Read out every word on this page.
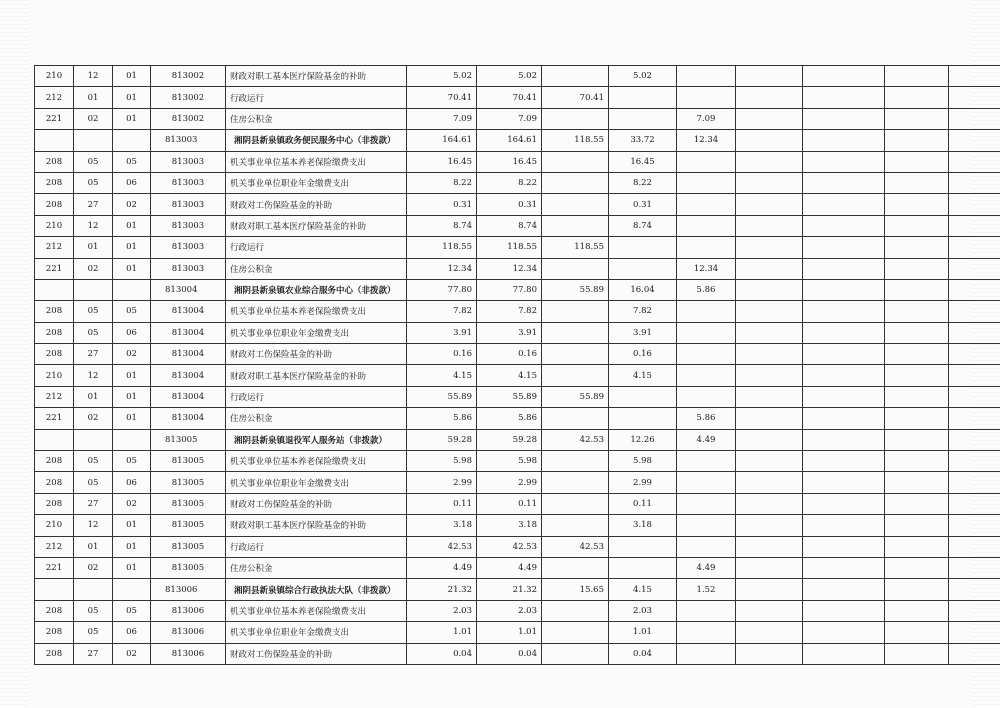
210	12	01	813002	财政对职工基本医疗保险基金的补助	5.02	5.02		5.02					
212	01	01	813002	行政运行	70.41	70.41	70.41						
221	02	01	813002	住房公积金	7.09	7.09			7.09				
			813003	湘阴县新泉镇政务便民服务中心（非拨款）	164.61	164.61	118.55	33.72	12.34				
208	05	05	813003	机关事业单位基本养老保险缴费支出	16.45	16.45		16.45					
208	05	06	813003	机关事业单位职业年金缴费支出	8.22	8.22		8.22					
208	27	02	813003	财政对工伤保险基金的补助	0.31	0.31		0.31					
210	12	01	813003	财政对职工基本医疗保险基金的补助	8.74	8.74		8.74					
212	01	01	813003	行政运行	118.55	118.55	118.55						
221	02	01	813003	住房公积金	12.34	12.34			12.34				
			813004	湘阴县新泉镇农业综合服务中心（非拨款）	77.80	77.80	55.89	16.04	5.86				
208	05	05	813004	机关事业单位基本养老保险缴费支出	7.82	7.82		7.82					
208	05	06	813004	机关事业单位职业年金缴费支出	3.91	3.91		3.91					
208	27	02	813004	财政对工伤保险基金的补助	0.16	0.16		0.16					
210	12	01	813004	财政对职工基本医疗保险基金的补助	4.15	4.15		4.15					
212	01	01	813004	行政运行	55.89	55.89	55.89						
221	02	01	813004	住房公积金	5.86	5.86			5.86				
			813005	湘阴县新泉镇退役军人服务站（非拨款）	59.28	59.28	42.53	12.26	4.49				
208	05	05	813005	机关事业单位基本养老保险缴费支出	5.98	5.98		5.98					
208	05	06	813005	机关事业单位职业年金缴费支出	2.99	2.99		2.99					
208	27	02	813005	财政对工伤保险基金的补助	0.11	0.11		0.11					
210	12	01	813005	财政对职工基本医疗保险基金的补助	3.18	3.18		3.18					
212	01	01	813005	行政运行	42.53	42.53	42.53						
221	02	01	813005	住房公积金	4.49	4.49			4.49				
			813006	湘阴县新泉镇综合行政执法大队（非拨款）	21.32	21.32	15.65	4.15	1.52				
208	05	05	813006	机关事业单位基本养老保险缴费支出	2.03	2.03		2.03					
208	05	06	813006	机关事业单位职业年金缴费支出	1.01	1.01		1.01					
208	27	02	813006	财政对工伤保险基金的补助	0.04	0.04		0.04					
